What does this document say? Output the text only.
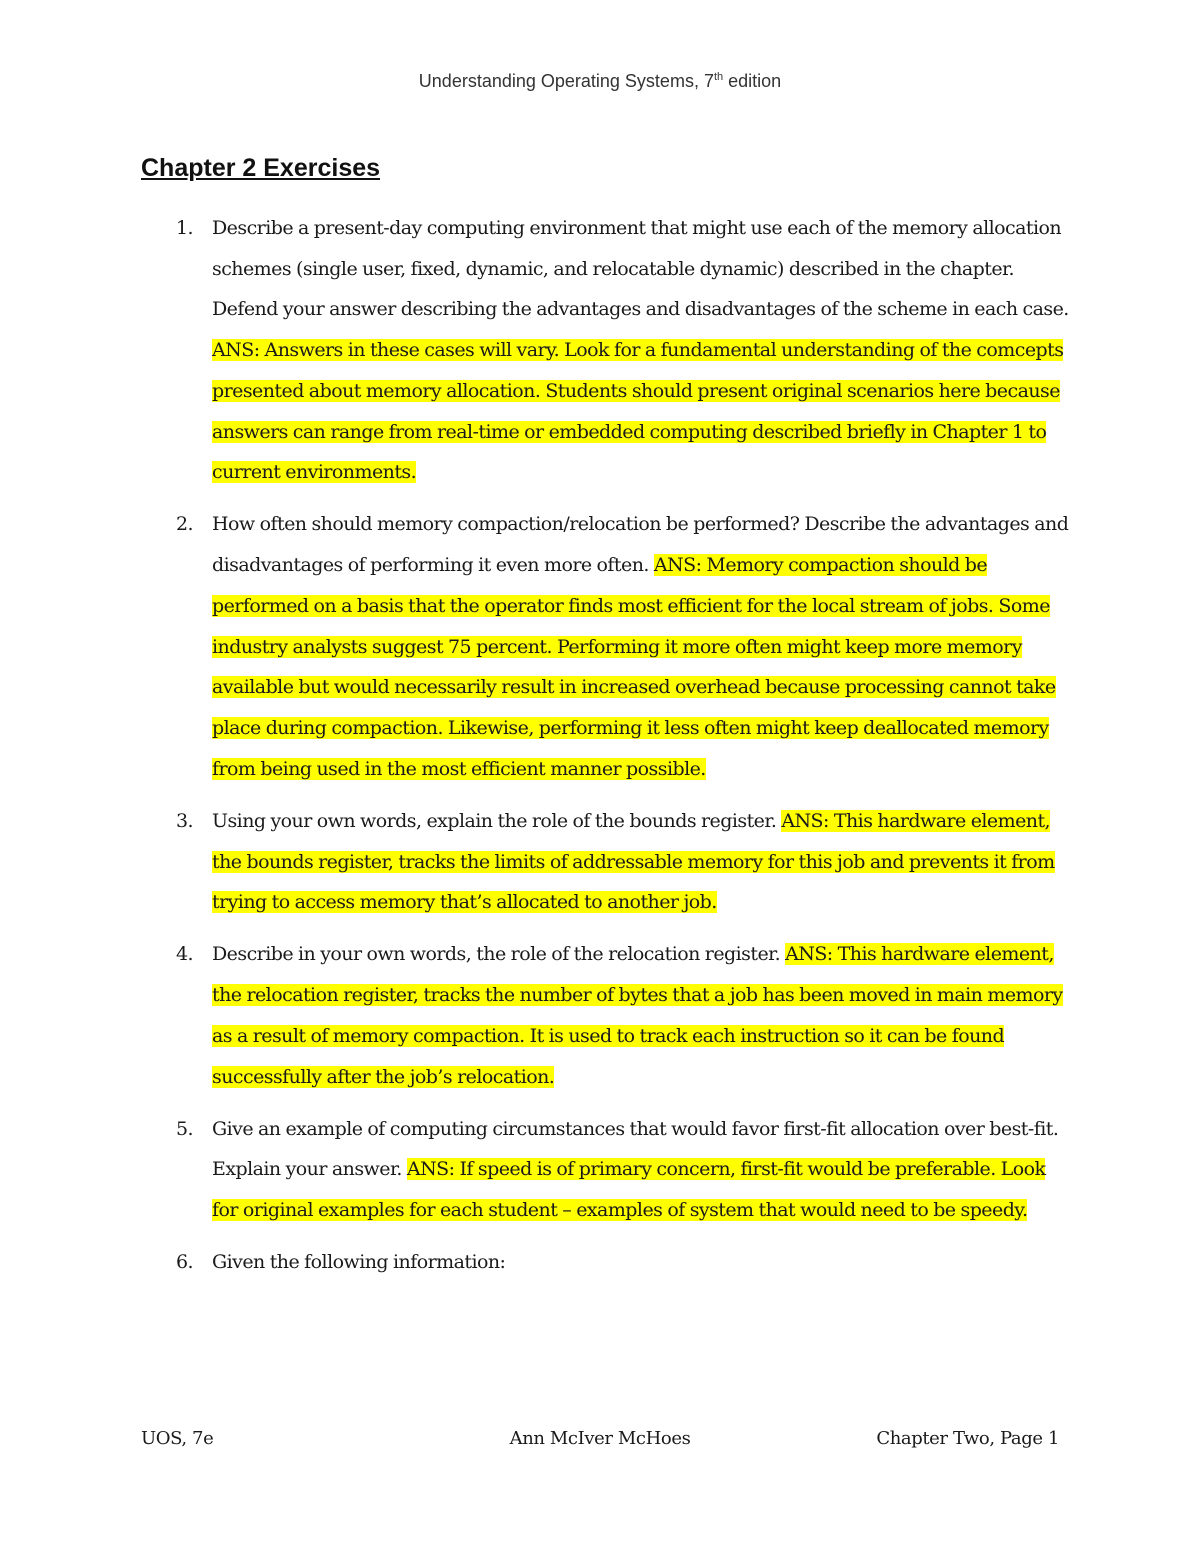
Understanding Operating Systems, 7th edition
Chapter 2 Exercises
1. Describe a present-day computing environment that might use each of the memory allocation schemes (single user, fixed, dynamic, and relocatable dynamic) described in the chapter. Defend your answer describing the advantages and disadvantages of the scheme in each case. ANS: Answers in these cases will vary. Look for a fundamental understanding of the comcepts presented about memory allocation. Students should present original scenarios here because answers can range from real-time or embedded computing described briefly in Chapter 1 to current environments.
2. How often should memory compaction/relocation be performed? Describe the advantages and disadvantages of performing it even more often. ANS: Memory compaction should be performed on a basis that the operator finds most efficient for the local stream of jobs. Some industry analysts suggest 75 percent. Performing it more often might keep more memory available but would necessarily result in increased overhead because processing cannot take place during compaction. Likewise, performing it less often might keep deallocated memory from being used in the most efficient manner possible.
3. Using your own words, explain the role of the bounds register. ANS: This hardware element, the bounds register, tracks the limits of addressable memory for this job and prevents it from trying to access memory that’s allocated to another job.
4. Describe in your own words, the role of the relocation register. ANS: This hardware element, the relocation register, tracks the number of bytes that a job has been moved in main memory as a result of memory compaction. It is used to track each instruction so it can be found successfully after the job’s relocation.
5. Give an example of computing circumstances that would favor first-fit allocation over best-fit. Explain your answer. ANS: If speed is of primary concern, first-fit would be preferable. Look for original examples for each student – examples of system that would need to be speedy.
6. Given the following information:
UOS, 7e	Ann McIver McHoes	Chapter Two, Page 1
